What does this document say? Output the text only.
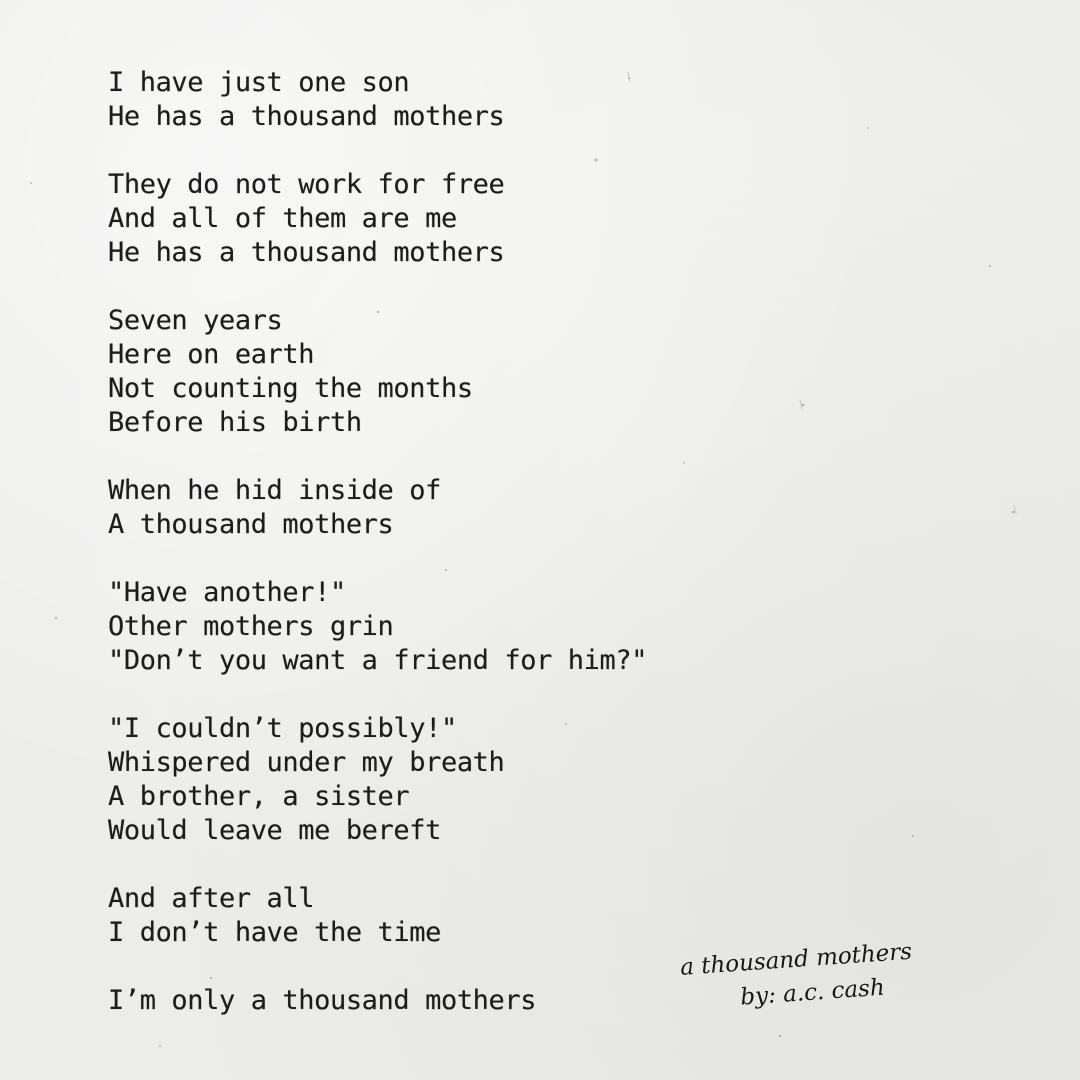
I have just one son
He has a thousand mothers
They do not work for free
And all of them are me
He has a thousand mothers
Seven years
Here on earth
Not counting the months
Before his birth
When he hid inside of
A thousand mothers
"Have another!"
Other mothers grin
"Don’t you want a friend for him?"
"I couldn’t possibly!"
Whispered under my breath
A brother, a sister
Would leave me bereft
And after all
I don’t have the time
I’m only a thousand mothers
a thousand mothers
by: a.c. cash
